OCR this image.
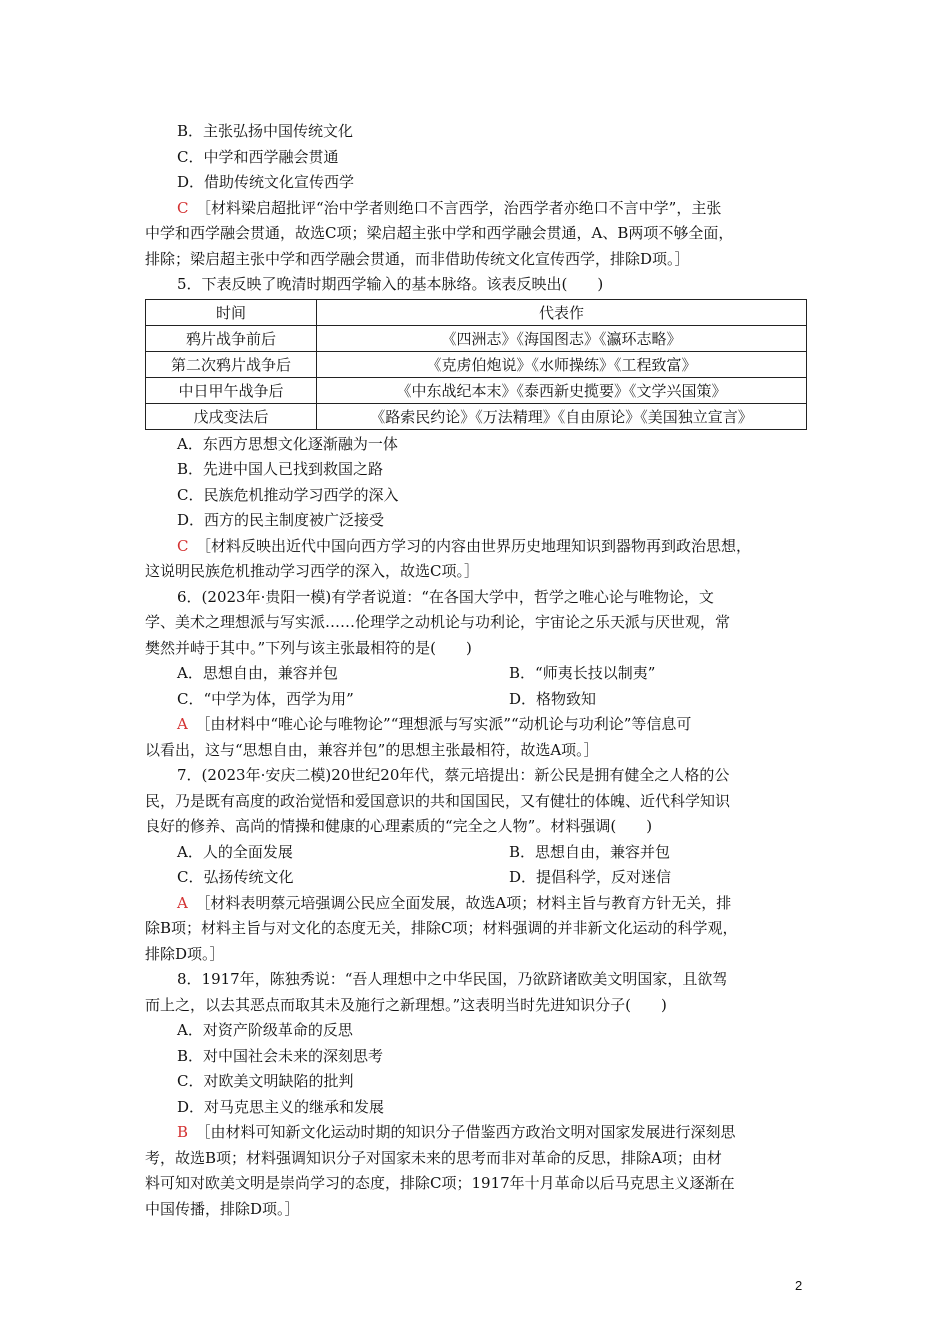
B．主张弘扬中国传统文化
C．中学和西学融会贯通
D．借助传统文化宣传西学
C　 ［材料梁启超批评“治中学者则绝口不言西学，治西学者亦绝口不言中学”，主张
中学和西学融会贯通，故选C项；梁启超主张中学和西学融会贯通，A、B两项不够全面，
排除；梁启超主张中学和西学融会贯通，而非借助传统文化宣传西学，排除D项。］
5．下表反映了晚清时期西学输入的基本脉络。该表反映出(　　)
时间	代表作
鸦片战争前后	《四洲志》《海国图志》《瀛环志略》
第二次鸦片战争后	《克虏伯炮说》《水师操练》《工程致富》
中日甲午战争后	《中东战纪本末》《泰西新史揽要》《文学兴国策》
戊戌变法后	《路索民约论》《万法精理》《自由原论》《美国独立宣言》
A．东西方思想文化逐渐融为一体
B．先进中国人已找到救国之路
C．民族危机推动学习西学的深入
D．西方的民主制度被广泛接受
C　 ［材料反映出近代中国向西方学习的内容由世界历史地理知识到器物再到政治思想，
这说明民族危机推动学习西学的深入，故选C项。］
6．(2023年·贵阳一模)有学者说道：“在各国大学中，哲学之唯心论与唯物论，文
学、美术之理想派与写实派……伦理学之动机论与功利论，宇宙论之乐天派与厌世观，常
樊然并峙于其中。”下列与该主张最相符的是(　　)
A．思想自由，兼容并包	B．“师夷长技以制夷”
C．“中学为体，西学为用”	D．格物致知
A　 ［由材料中“唯心论与唯物论”“理想派与写实派”“动机论与功利论”等信息可
以看出，这与“思想自由，兼容并包”的思想主张最相符，故选A项。］
7．(2023年·安庆二模)20世纪20年代，蔡元培提出：新公民是拥有健全之人格的公
民，乃是既有高度的政治觉悟和爱国意识的共和国国民，又有健壮的体魄、近代科学知识
良好的修养、高尚的情操和健康的心理素质的“完全之人物”。材料强调(　　)
A．人的全面发展	B．思想自由，兼容并包
C．弘扬传统文化	D．提倡科学，反对迷信
A　 ［材料表明蔡元培强调公民应全面发展，故选A项；材料主旨与教育方针无关，排
除B项；材料主旨与对文化的态度无关，排除C项；材料强调的并非新文化运动的科学观，
排除D项。］
8．1917年，陈独秀说：“吾人理想中之中华民国，乃欲跻诸欧美文明国家，且欲驾
而上之，以去其恶点而取其未及施行之新理想。”这表明当时先进知识分子(　　)
A．对资产阶级革命的反思
B．对中国社会未来的深刻思考
C．对欧美文明缺陷的批判
D．对马克思主义的继承和发展
B　 ［由材料可知新文化运动时期的知识分子借鉴西方政治文明对国家发展进行深刻思
考，故选B项；材料强调知识分子对国家未来的思考而非对革命的反思，排除A项；由材
料可知对欧美文明是崇尚学习的态度，排除C项；1917年十月革命以后马克思主义逐渐在
中国传播，排除D项。］
2
